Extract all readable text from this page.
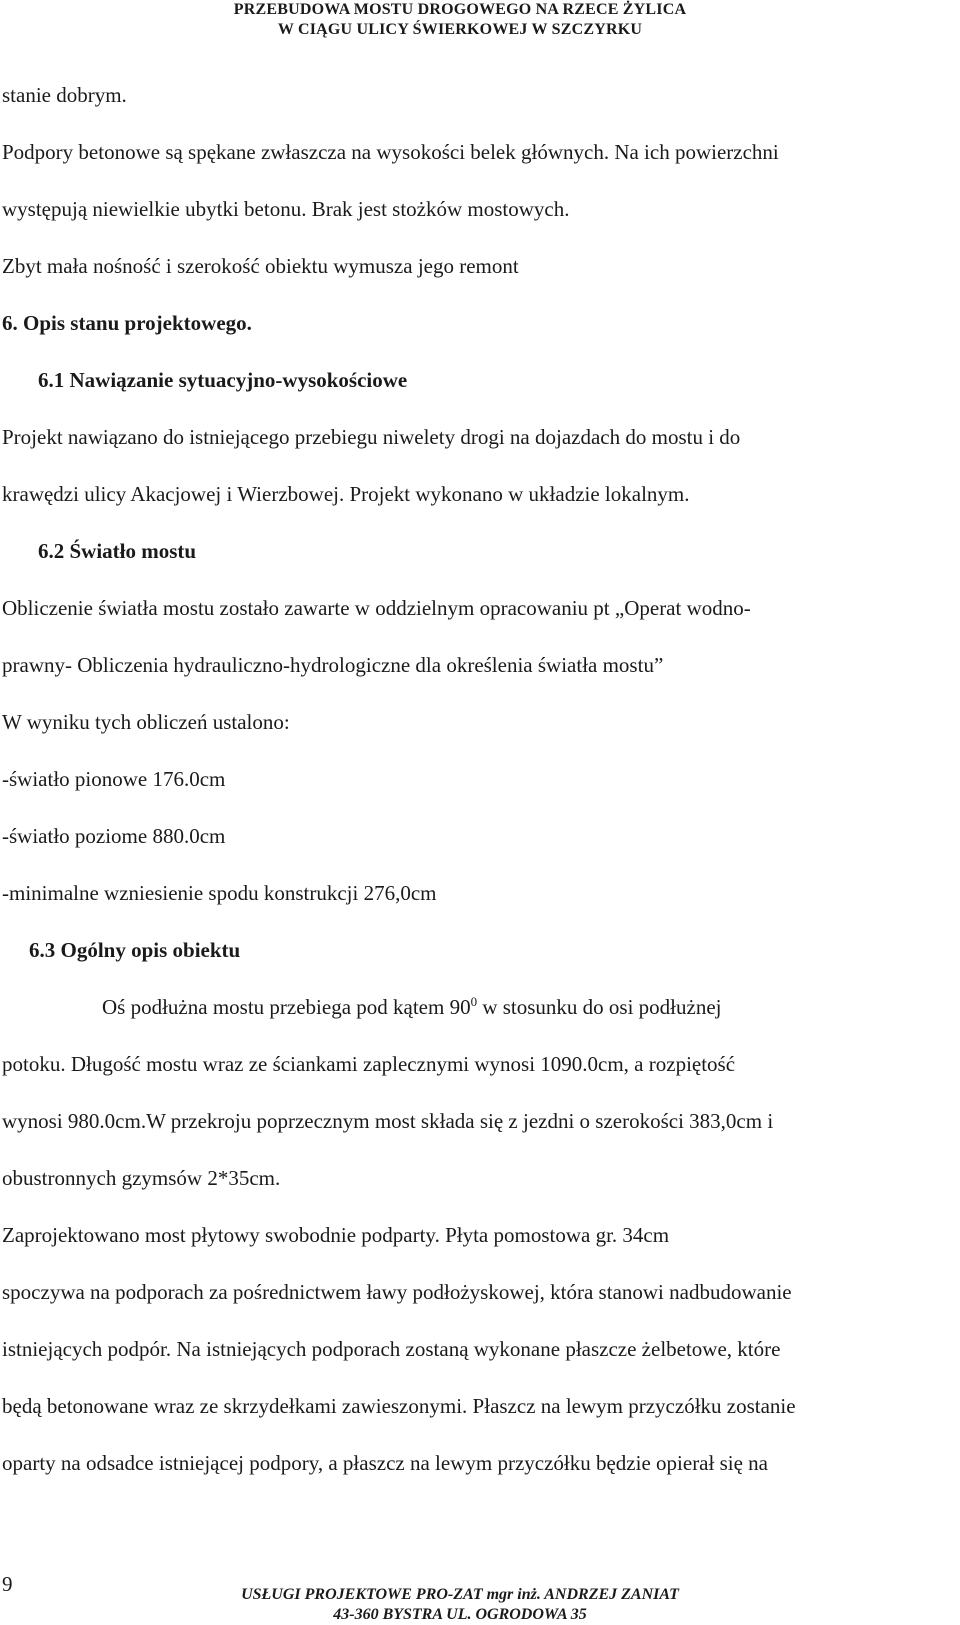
PRZEBUDOWA MOSTU DROGOWEGO NA RZECE ŻYLICA
W CIĄGU ULICY ŚWIERKOWEJ W SZCZYRKU

stanie dobrym.

Podpory betonowe są spękane zwłaszcza na wysokości belek głównych. Na ich powierzchni

występują niewielkie ubytki betonu. Brak jest stożków mostowych.

Zbyt mała nośność i szerokość obiektu wymusza jego remont

6. Opis stanu projektowego.
6.1 Nawiązanie sytuacyjno-wysokościowe

Projekt nawiązano do istniejącego przebiegu niwelety drogi na dojazdach do mostu i do

krawędzi ulicy Akacjowej i Wierzbowej. Projekt wykonano w układzie lokalnym.

6.2 Światło mostu

Obliczenie światła mostu zostało zawarte w oddzielnym opracowaniu pt „Operat wodno-

prawny- Obliczenia hydrauliczno-hydrologiczne dla określenia światła mostu”

W wyniku tych obliczeń ustalono:

-światło pionowe 176.0cm

-światło poziome 880.0cm

-minimalne wzniesienie spodu konstrukcji 276,0cm

6.3 Ogólny opis obiektu

Oś podłużna mostu przebiega pod kątem $90^0$ w stosunku do osi podłużnej

potoku. Długość mostu wraz ze ściankami zaplecznymi wynosi 1090.0cm, a rozpiętość

wynosi 980.0cm.W przekroju poprzecznym most składa się z jezdni o szerokości 383,0cm i

obustronnych gzymsów 2*35cm.

Zaprojektowano most płytowy swobodnie podparty. Płyta pomostowa gr. 34cm

spoczywa na podporach za pośrednictwem ławy podłożyskowej, która stanowi nadbudowanie

istniejących podpór. Na istniejących podporach zostaną wykonane płaszcze żelbetowe, które

będą betonowane wraz ze skrzydełkami zawieszonymi. Płaszcz na lewym przyczółku zostanie

oparty na odsadce istniejącej podpory, a płaszcz na lewym przyczółku będzie opierał się na

9	USŁUGI PROJEKTOWE PRO-ZAT mgr inż. ANDRZEJ ZANIAT
43-360 BYSTRA UL. OGRODOWA 35
